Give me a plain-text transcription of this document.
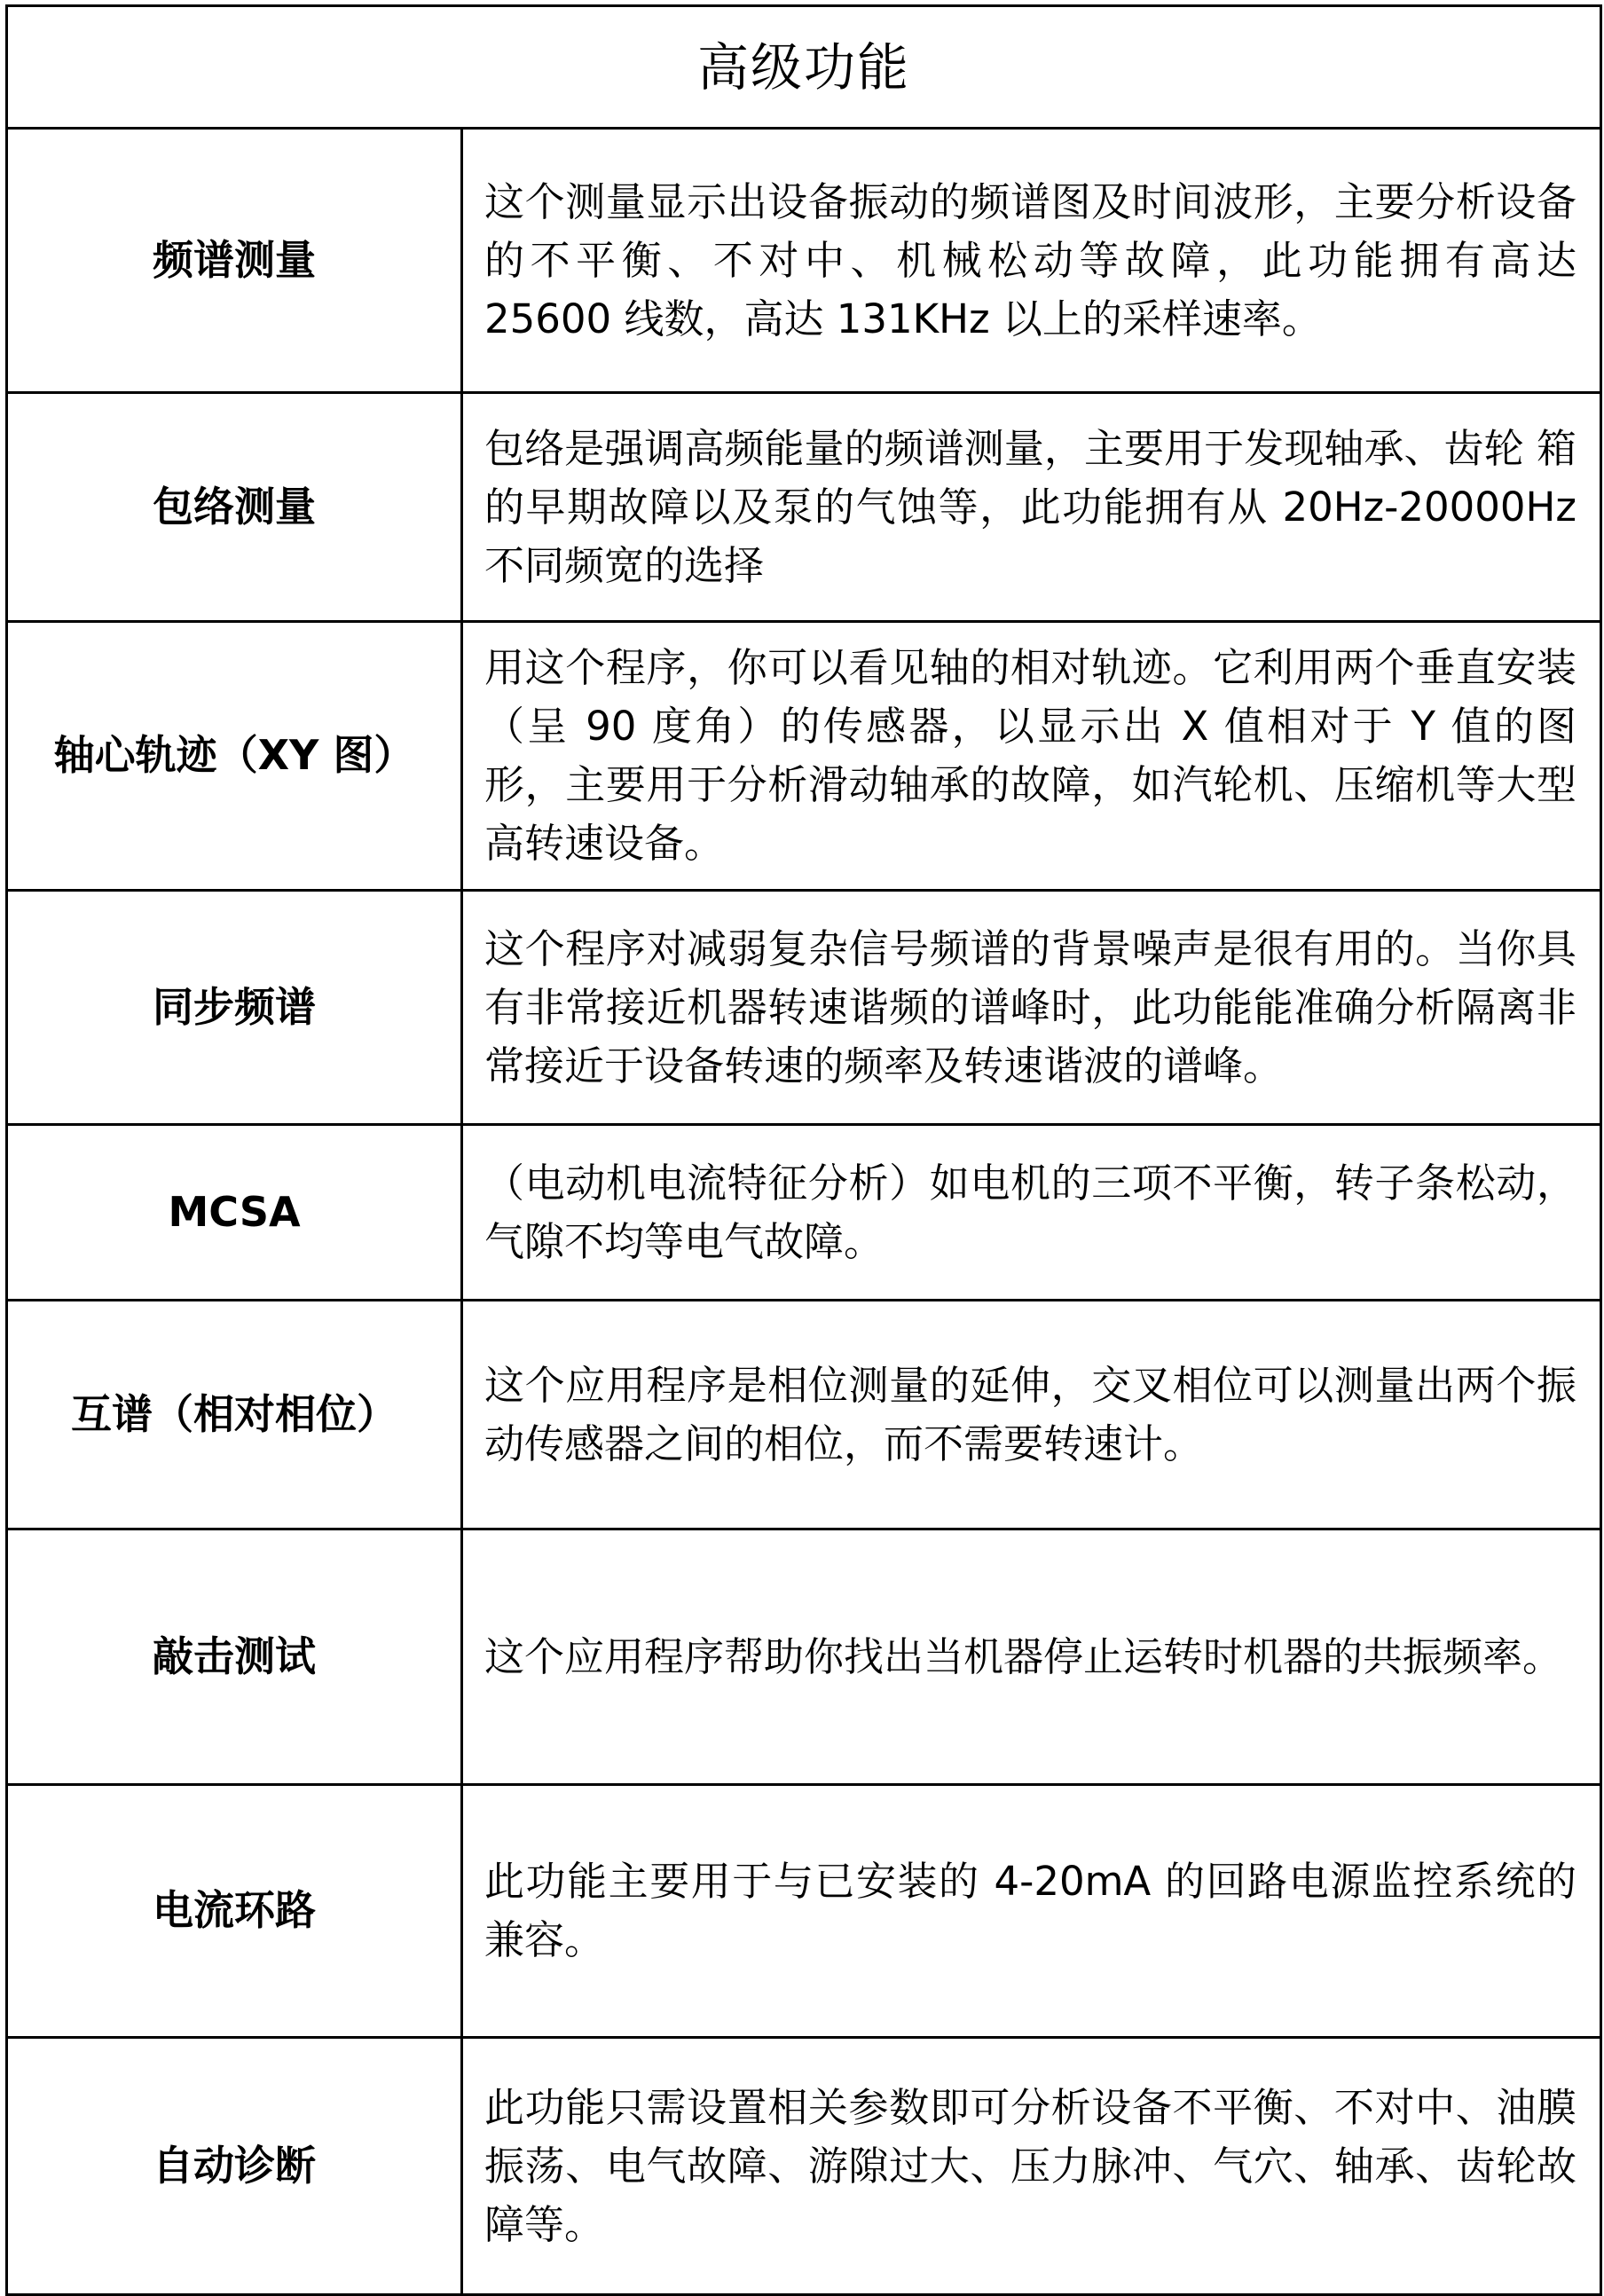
高级功能	
频谱测量	这个测量显示出设备振动的频谱图及时间波形，主要分析设备的不平衡、不对中、机械松动等故障，此功能拥有高达 25600 线数，高达 131KHz 以上的采样速率。

包络测量	包络是强调高频能量的频谱测量，主要用于发现轴承、齿轮 箱的早期故障以及泵的气蚀等，此功能拥有从 20Hz-20000Hz 不同频宽的选择

轴心轨迹（XY 图）	用这个程序，你可以看见轴的相对轨迹。它利用两个垂直安装（呈 90 度角）的传感器，以显示出 X 值相对于 Y 值的图形，主要用于分析滑动轴承的故障，如汽轮机、压缩机等大型高转速设备。

同步频谱	这个程序对减弱复杂信号频谱的背景噪声是很有用的。当你具有非常接近机器转速谐频的谱峰时，此功能能准确分析隔离非常接近于设备转速的频率及转速谐波的谱峰。

MCSA	（电动机电流特征分析）如电机的三项不平衡，转子条松动，气隙不均等电气故障。

互谱（相对相位）	这个应用程序是相位测量的延伸，交叉相位可以测量出两个振动传感器之间的相位，而不需要转速计。

敲击测试	这个应用程序帮助你找出当机器停止运转时机器的共振频率。

电流环路	此功能主要用于与已安装的 4-20mA 的回路电源监控系统的兼容。

自动诊断	此功能只需设置相关参数即可分析设备不平衡、不对中、油膜振荡、电气故障、游隙过大、压力脉冲、气穴、轴承、齿轮故障等。
